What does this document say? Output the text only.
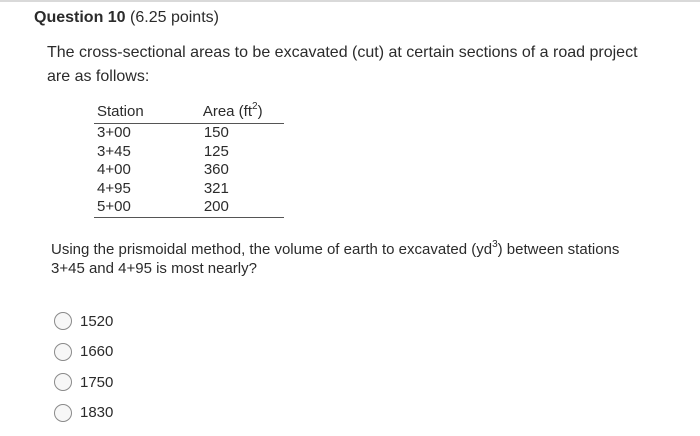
Question 10 (6.25 points)
The cross-sectional areas to be excavated (cut) at certain sections of a road project are as follows:
Station	Area $(ft^2)$
3+00	150
3+45	125
4+00	360
4+95	321
5+00	200
Using the prismoidal method, the volume of earth to excavated $(yd^3)$ between stations 3+45 and 4+95 is most nearly?
1520
1660
1750
1830
